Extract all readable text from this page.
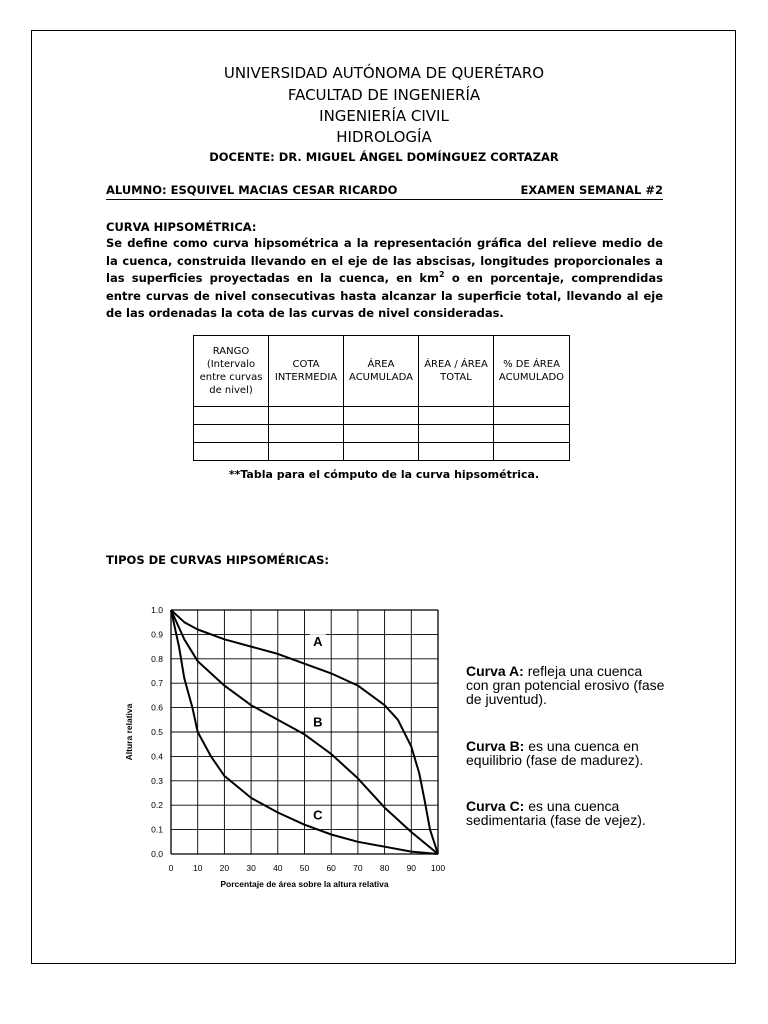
UNIVERSIDAD AUTÓNOMA DE QUERÉTARO
FACULTAD DE INGENIERÍA
INGENIERÍA CIVIL
HIDROLOGÍA
DOCENTE: DR. MIGUEL ÁNGEL DOMÍNGUEZ CORTAZAR
ALUMNO: ESQUIVEL MACIAS CESAR RICARDO	EXAMEN SEMANAL #2
CURVA HIPSOMÉTRICA:

Se define como curva hipsométrica a la representación gráfica del relieve medio de la cuenca, construida llevando en el eje de las abscisas, longitudes proporcionales a las superficies proyectadas en la cuenca, en $km^2$ o en porcentaje, comprendidas entre curvas de nivel consecutivas hasta alcanzar la superficie total, llevando al eje de las ordenadas la cota de las curvas de nivel consideradas.

RANGO (Intervalo entre curvas de nivel)	COTA INTERMEDIA	ÁREA ACUMULADA	ÁREA / ÁREA TOTAL	% DE ÁREA ACUMULADO

**Tabla para el cómputo de la curva hipsométrica.
TIPOS DE CURVAS HIPSOMÉRICAS:
0 10 20 30 40 50 60 70 80 90 100
0.0
0.1
0.2
0.3
0.4
0.5
0.6
0.7
0.8
0.9
1.0
A
B
C
Altura relativa
Porcentaje de área sobre la altura relativa
Curva A: refleja una cuenca con gran potencial erosivo (fase de juventud).
Curva B: es una cuenca en equilibrio (fase de madurez).
Curva C: es una cuenca sedimentaria (fase de vejez).
